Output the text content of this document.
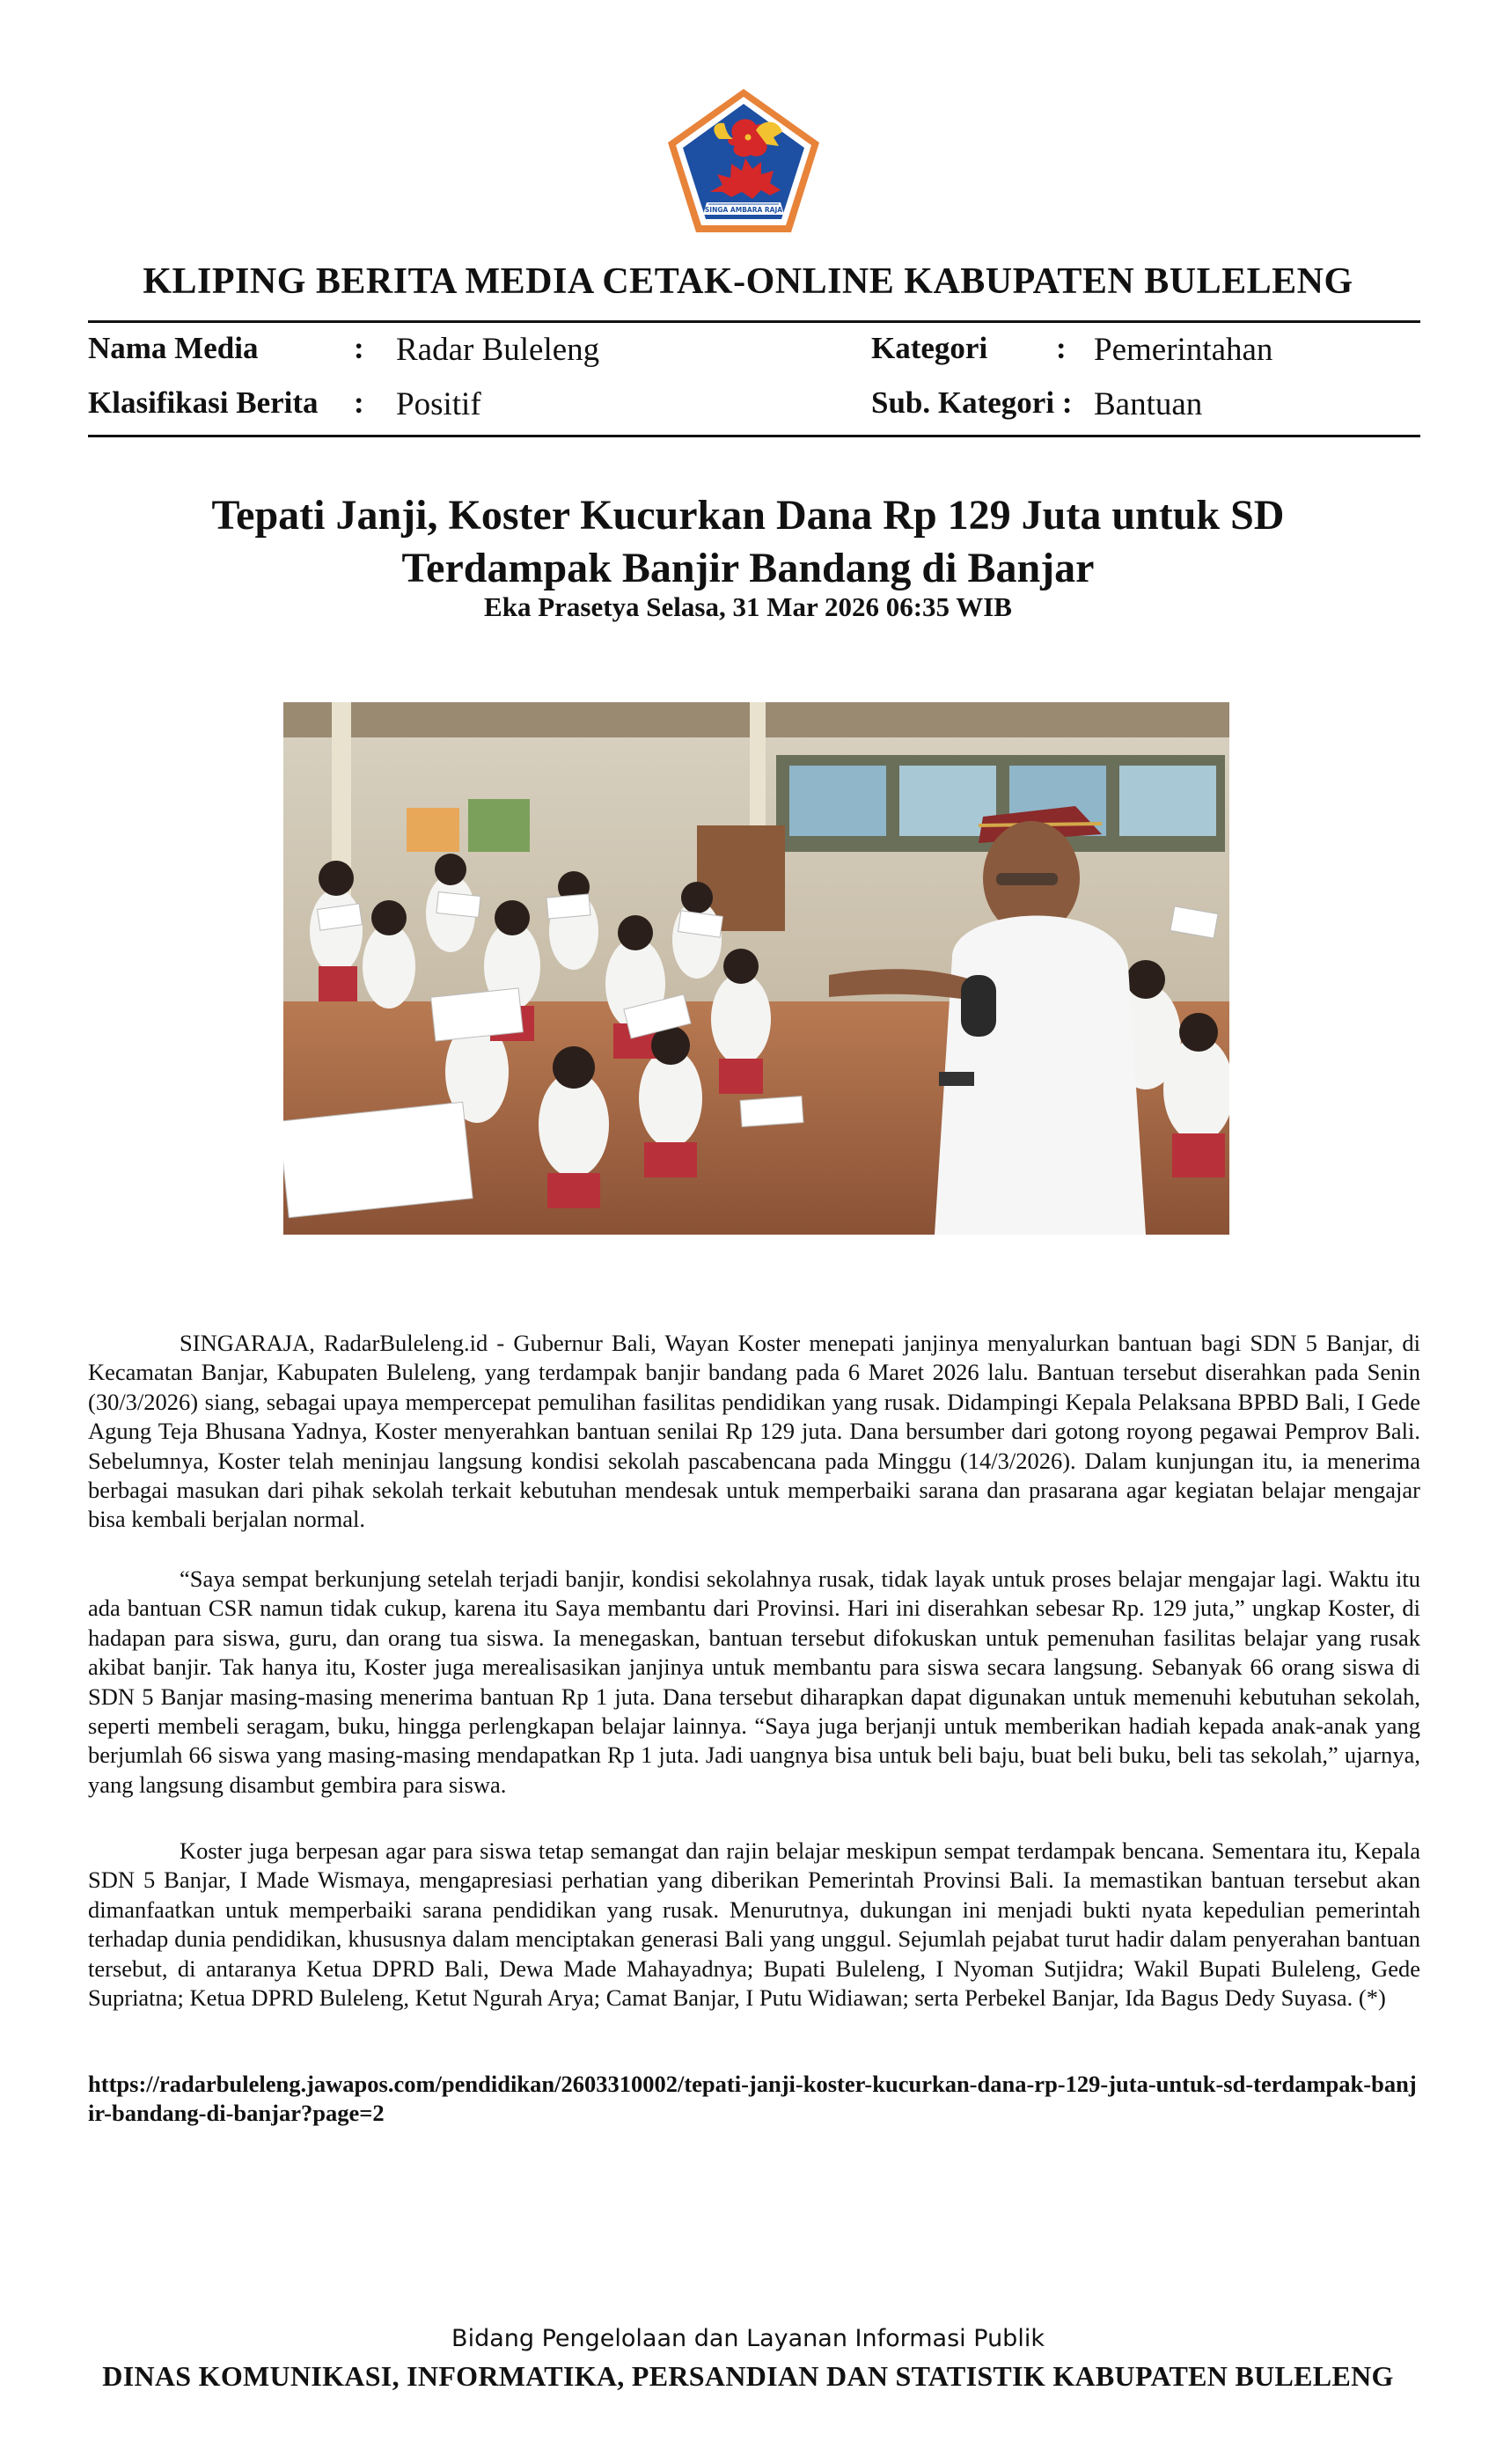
SINGA AMBARA RAJA
KLIPING BERITA MEDIA CETAK-ONLINE KABUPATEN BULELENG
Nama Media	: Radar Buleleng
Klasifikasi Berita : Positif
Kategori : Pemerintahan
Sub. Kategori : Bantuan
Tepati Janji, Koster Kucurkan Dana Rp 129 Juta untuk SD
Terdampak Banjir Bandang di Banjar
Eka Prasetya Selasa, 31 Mar 2026 06:35 WIB

SINGARAJA, RadarBuleleng.id - Gubernur Bali, Wayan Koster menepati janjinya menyalurkan bantuan bagi SDN 5 Banjar, di Kecamatan Banjar, Kabupaten Buleleng, yang terdampak banjir bandang pada 6 Maret 2026 lalu. Bantuan tersebut diserahkan pada Senin (30/3/2026) siang, sebagai upaya mempercepat pemulihan fasilitas pendidikan yang rusak. Didampingi Kepala Pelaksana BPBD Bali, I Gede Agung Teja Bhusana Yadnya, Koster menyerahkan bantuan senilai Rp 129 juta. Dana bersumber dari gotong royong pegawai Pemprov Bali. Sebelumnya, Koster telah meninjau langsung kondisi sekolah pascabencana pada Minggu (14/3/2026). Dalam kunjungan itu, ia menerima berbagai masukan dari pihak sekolah terkait kebutuhan mendesak untuk memperbaiki sarana dan prasarana agar kegiatan belajar mengajar bisa kembali berjalan normal.

“Saya sempat berkunjung setelah terjadi banjir, kondisi sekolahnya rusak, tidak layak untuk proses belajar mengajar lagi. Waktu itu ada bantuan CSR namun tidak cukup, karena itu Saya membantu dari Provinsi. Hari ini diserahkan sebesar Rp. 129 juta,” ungkap Koster, di hadapan para siswa, guru, dan orang tua siswa. Ia menegaskan, bantuan tersebut difokuskan untuk pemenuhan fasilitas belajar yang rusak akibat banjir. Tak hanya itu, Koster juga merealisasikan janjinya untuk membantu para siswa secara langsung. Sebanyak 66 orang siswa di SDN 5 Banjar masing-masing menerima bantuan Rp 1 juta. Dana tersebut diharapkan dapat digunakan untuk memenuhi kebutuhan sekolah, seperti membeli seragam, buku, hingga perlengkapan belajar lainnya. “Saya juga berjanji untuk memberikan hadiah kepada anak-anak yang berjumlah 66 siswa yang masing-masing mendapatkan Rp 1 juta. Jadi uangnya bisa untuk beli baju, buat beli buku, beli tas sekolah,” ujarnya, yang langsung disambut gembira para siswa.

Koster juga berpesan agar para siswa tetap semangat dan rajin belajar meskipun sempat terdampak bencana. Sementara itu, Kepala SDN 5 Banjar, I Made Wismaya, mengapresiasi perhatian yang diberikan Pemerintah Provinsi Bali. Ia memastikan bantuan tersebut akan dimanfaatkan untuk memperbaiki sarana pendidikan yang rusak. Menurutnya, dukungan ini menjadi bukti nyata kepedulian pemerintah terhadap dunia pendidikan, khususnya dalam menciptakan generasi Bali yang unggul. Sejumlah pejabat turut hadir dalam penyerahan bantuan tersebut, di antaranya Ketua DPRD Bali, Dewa Made Mahayadnya; Bupati Buleleng, I Nyoman Sutjidra; Wakil Bupati Buleleng, Gede Supriatna; Ketua DPRD Buleleng, Ketut Ngurah Arya; Camat Banjar, I Putu Widiawan; serta Perbekel Banjar, Ida Bagus Dedy Suyasa. (*)

https://radarbuleleng.jawapos.com/pendidikan/2603310002/tepati-janji-koster-kucurkan-dana-rp-129-juta-untuk-sd-terdampak-banjir-bandang-di-banjar?page=2
Bidang Pengelolaan dan Layanan Informasi Publik
DINAS KOMUNIKASI, INFORMATIKA, PERSANDIAN DAN STATISTIK KABUPATEN BULELENG
